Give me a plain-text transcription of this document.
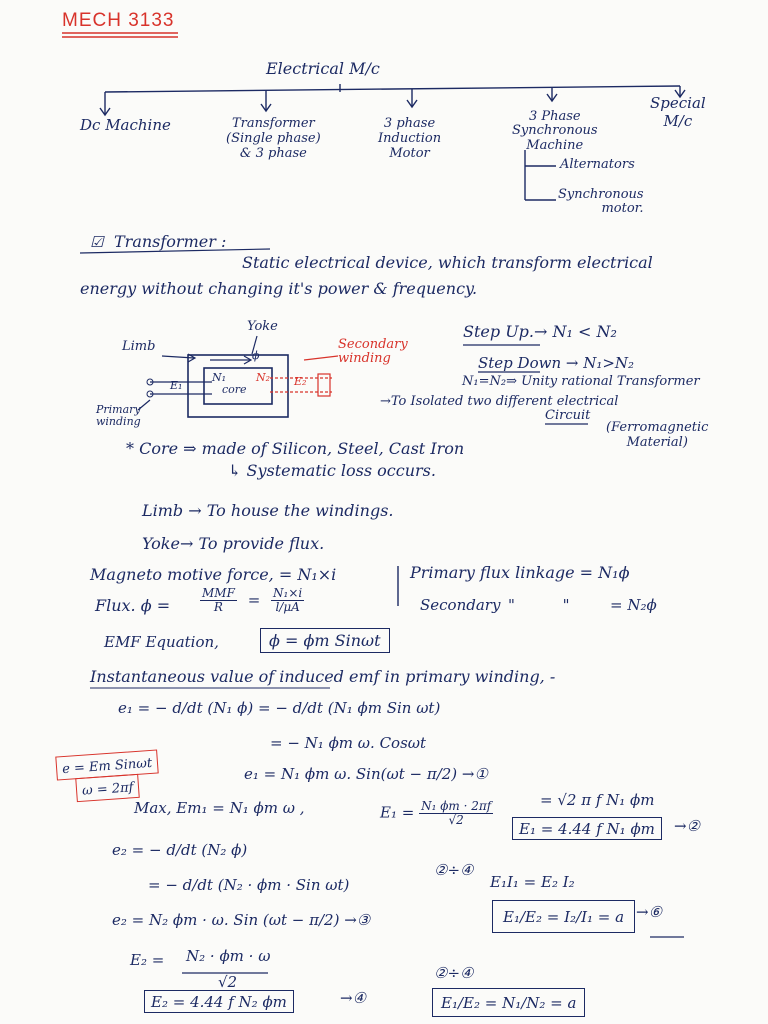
MECH 3133
Electrical M/c
Dc Machine	Transformer
(Single phase)
& 3 phase
3 phase
Induction
Motor
3 Phase
Synchronous
Machine
Special
M/c
Alternators
Synchronous
motor.
☑ Transformer :
Static electrical device, which transform electrical
energy without changing it's power & frequency.
Yoke
Limb	Secondary
winding
Primary
winding
core
ϕ
E₁	E₂
N₁	N₂
Step Up.→ N₁ < N₂
Step Down → N₁>N₂
N₁=N₂⇒ Unity rational Transformer
→To Isolated two different electrical
Circuit
* Core ⇒ made of Silicon, Steel, Cast Iron
(Ferromagnetic
Material)
↳ Systematic loss occurs.
Limb → To house the windings.
Yoke→ To provide flux.
Magneto motive force, = N₁×i
Flux. $\phi = \frac{\text{MMF}}{R} = \frac{\text{N₁×i}}{l/\mu A}$
Primary flux linkage = N₁ϕ
Secondary "          "	= N₂ϕ
EMF Equation,	ϕ = ϕm Sinωt
Instantaneous value of induced emf in primary winding, -
e₁ = − d/dt (N₁ ϕ) = − d/dt (N₁ ϕm Sin ωt)
= − N₁ ϕm ω. Cosωt
e₁ = N₁ ϕm ω. Sin(ωt − π/2) →①
e = Em Sinωt
ω = 2πf
Max, Em₁ = N₁ ϕm ω ,	$E_1 = \frac{\text{N₁ ϕm · 2πf}}{√2}$	= √2 π f N₁ ϕm
E₁ = 4.44 f N₁ ϕm	→②
e₂ = − d/dt (N₂ ϕ)
= − d/dt (N₂ · ϕm · Sin ωt)
e₂ = N₂ ϕm · ω. Sin (ωt − π/2) →③
E₂ = N₂ · ϕm · ω
√2
E₂ = 4.44 f N₂ ϕm	→④
②÷④
E₁I₁ = E₂ I₂
E₁/E₂ = I₂/I₁ = a →⑥
②÷④
E₁/E₂ = N₁/N₂ = a
